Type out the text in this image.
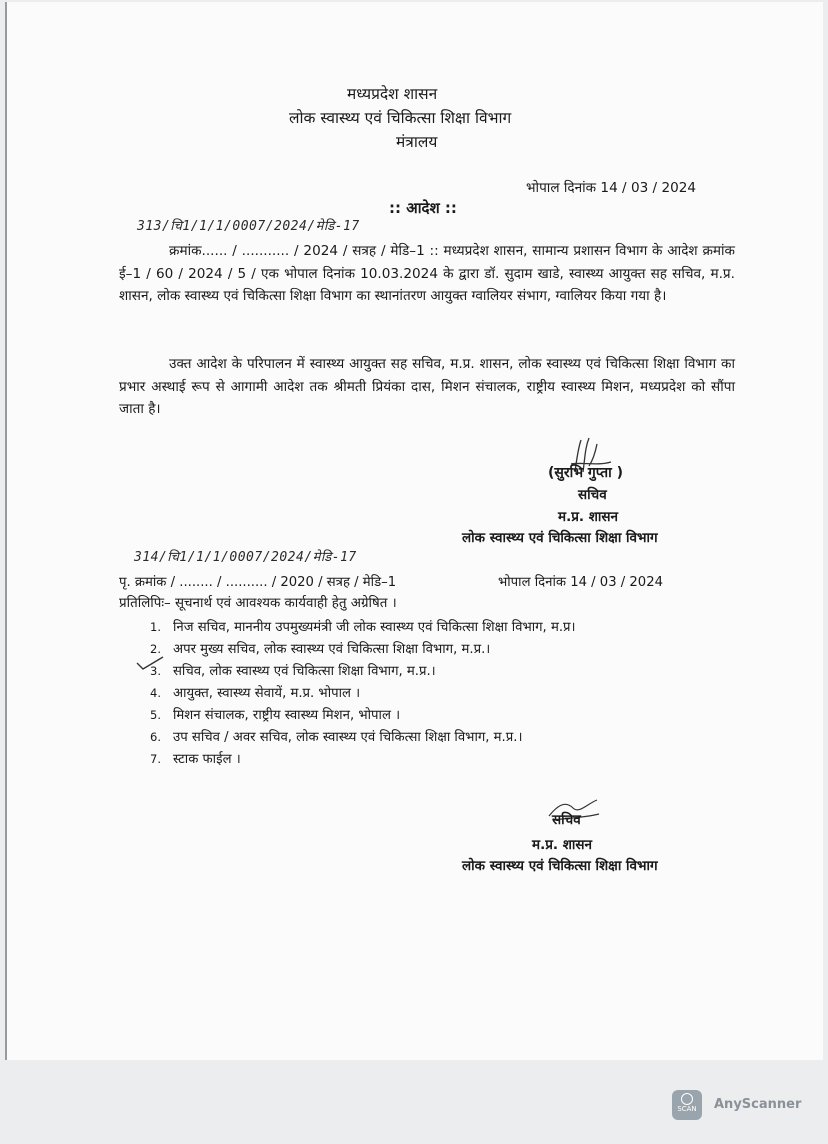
मध्यप्रदेश शासन
लोक स्वास्थ्य एवं चिकित्सा शिक्षा विभाग
मंत्रालय
भोपाल दिनांक 14 / 03 / 2024
:: आदेश ::
313/चि1/1/1/0007/2024/मेडि-17
क्रमांक...... / ........... / 2024 / सत्रह / मेडि–1 :: मध्यप्रदेश शासन, सामान्य प्रशासन विभाग के आदेश क्रमांक ई–1 / 60 / 2024 / 5 / एक भोपाल दिनांक 10.03.2024 के द्वारा डॉ. सुदाम खाडे, स्वास्थ्य आयुक्त सह सचिव, म.प्र. शासन, लोक स्वास्थ्य एवं चिकित्सा शिक्षा विभाग का स्थानांतरण आयुक्त ग्वालियर संभाग, ग्वालियर किया गया है।
उक्त आदेश के परिपालन में स्वास्थ्य आयुक्त सह सचिव, म.प्र. शासन, लोक स्वास्थ्य एवं चिकित्सा शिक्षा विभाग का प्रभार अस्थाई रूप से आगामी आदेश तक श्रीमती प्रियंका दास, मिशन संचालक, राष्ट्रीय स्वास्थ्य मिशन, मध्यप्रदेश को सौंपा जाता है।
(सुरभि गुप्ता )
सचिव
म.प्र. शासन
लोक स्वास्थ्य एवं चिकित्सा शिक्षा विभाग
314/चि1/1/1/0007/2024/मेडि-17
पृ. क्रमांक / ........ / .......... / 2020 / सत्रह / मेडि–1	भोपाल दिनांक 14 / 03 / 2024
प्रतिलिपिः– सूचनार्थ एवं आवश्यक कार्यवाही हेतु अग्रेषित ।
1. निज सचिव, माननीय उपमुख्यमंत्री जी लोक स्वास्थ्य एवं चिकित्सा शिक्षा विभाग, म.प्र।
2. अपर मुख्य सचिव, लोक स्वास्थ्य एवं चिकित्सा शिक्षा विभाग, म.प्र.।
3. सचिव, लोक स्वास्थ्य एवं चिकित्सा शिक्षा विभाग, म.प्र.।
4. आयुक्त, स्वास्थ्य सेवायें, म.प्र. भोपाल ।
5. मिशन संचालक, राष्ट्रीय स्वास्थ्य मिशन, भोपाल ।
6. उप सचिव / अवर सचिव, लोक स्वास्थ्य एवं चिकित्सा शिक्षा विभाग, म.प्र.।
7. स्टाक फाईल ।
सचिव
म.प्र. शासन
लोक स्वास्थ्य एवं चिकित्सा शिक्षा विभाग
SCAN	AnyScanner
